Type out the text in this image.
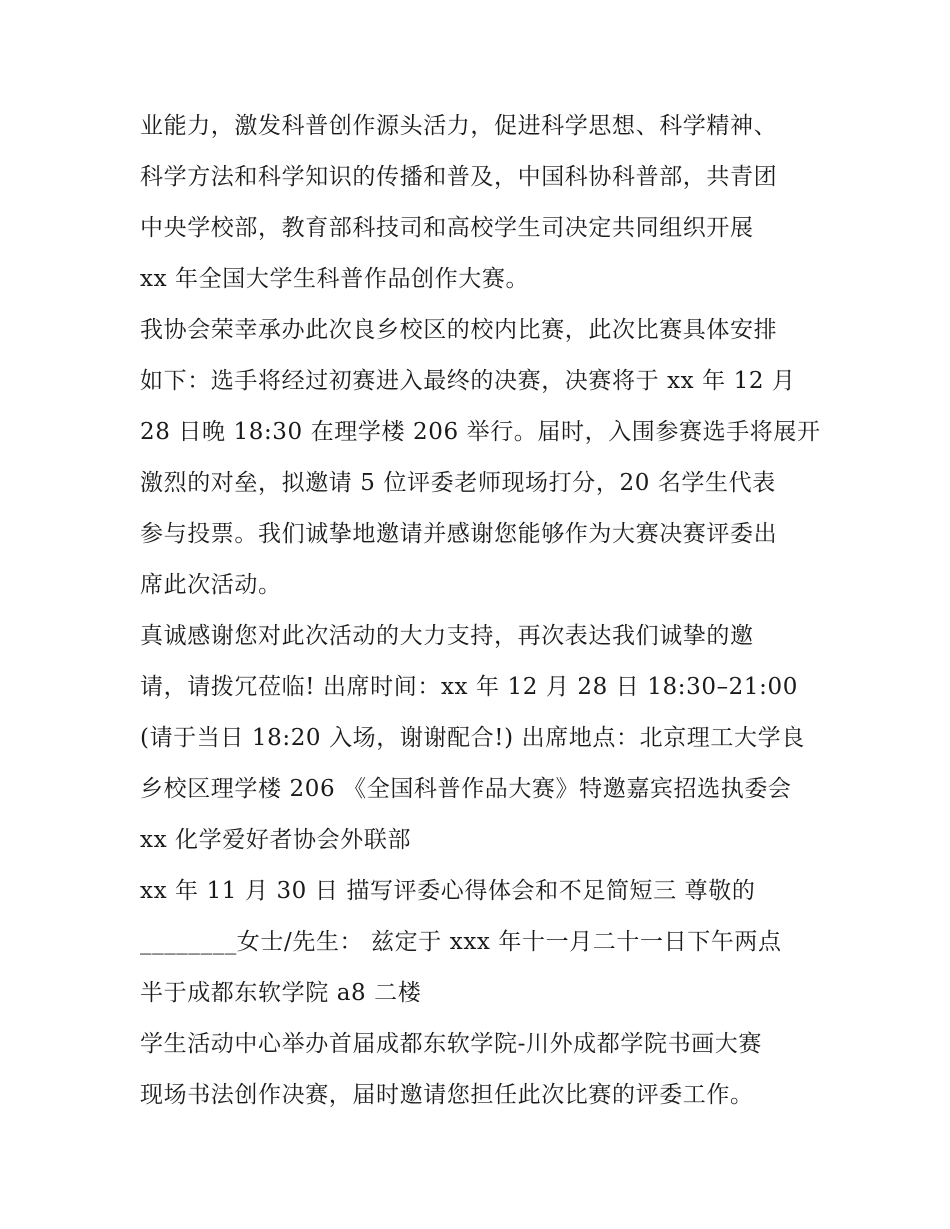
业能力，激发科普创作源头活力，促进科学思想、科学精神、
科学方法和科学知识的传播和普及，中国科协科普部，共青团
中央学校部，教育部科技司和高校学生司决定共同组织开展
xx 年全国大学生科普作品创作大赛。
我协会荣幸承办此次良乡校区的校内比赛，此次比赛具体安排
如下：选手将经过初赛进入最终的决赛，决赛将于 xx 年 12 月
28 日晚 18:30 在理学楼 206 举行。届时，入围参赛选手将展开
激烈的对垒，拟邀请 5 位评委老师现场打分，20 名学生代表
参与投票。我们诚挚地邀请并感谢您能够作为大赛决赛评委出
席此次活动。
真诚感谢您对此次活动的大力支持，再次表达我们诚挚的邀
请，请拨冗莅临! 出席时间：xx 年 12 月 28 日 18:30–21:00
(请于当日 18:20 入场，谢谢配合!) 出席地点：北京理工大学良
乡校区理学楼 206 《全国科普作品大赛》特邀嘉宾招选执委会
xx 化学爱好者协会外联部
xx 年 11 月 30 日 描写评委心得体会和不足简短三 尊敬的
________女士/先生： 兹定于 xxx 年十一月二十一日下午两点
半于成都东软学院 a8 二楼
学生活动中心举办首届成都东软学院-川外成都学院书画大赛
现场书法创作决赛，届时邀请您担任此次比赛的评委工作。
